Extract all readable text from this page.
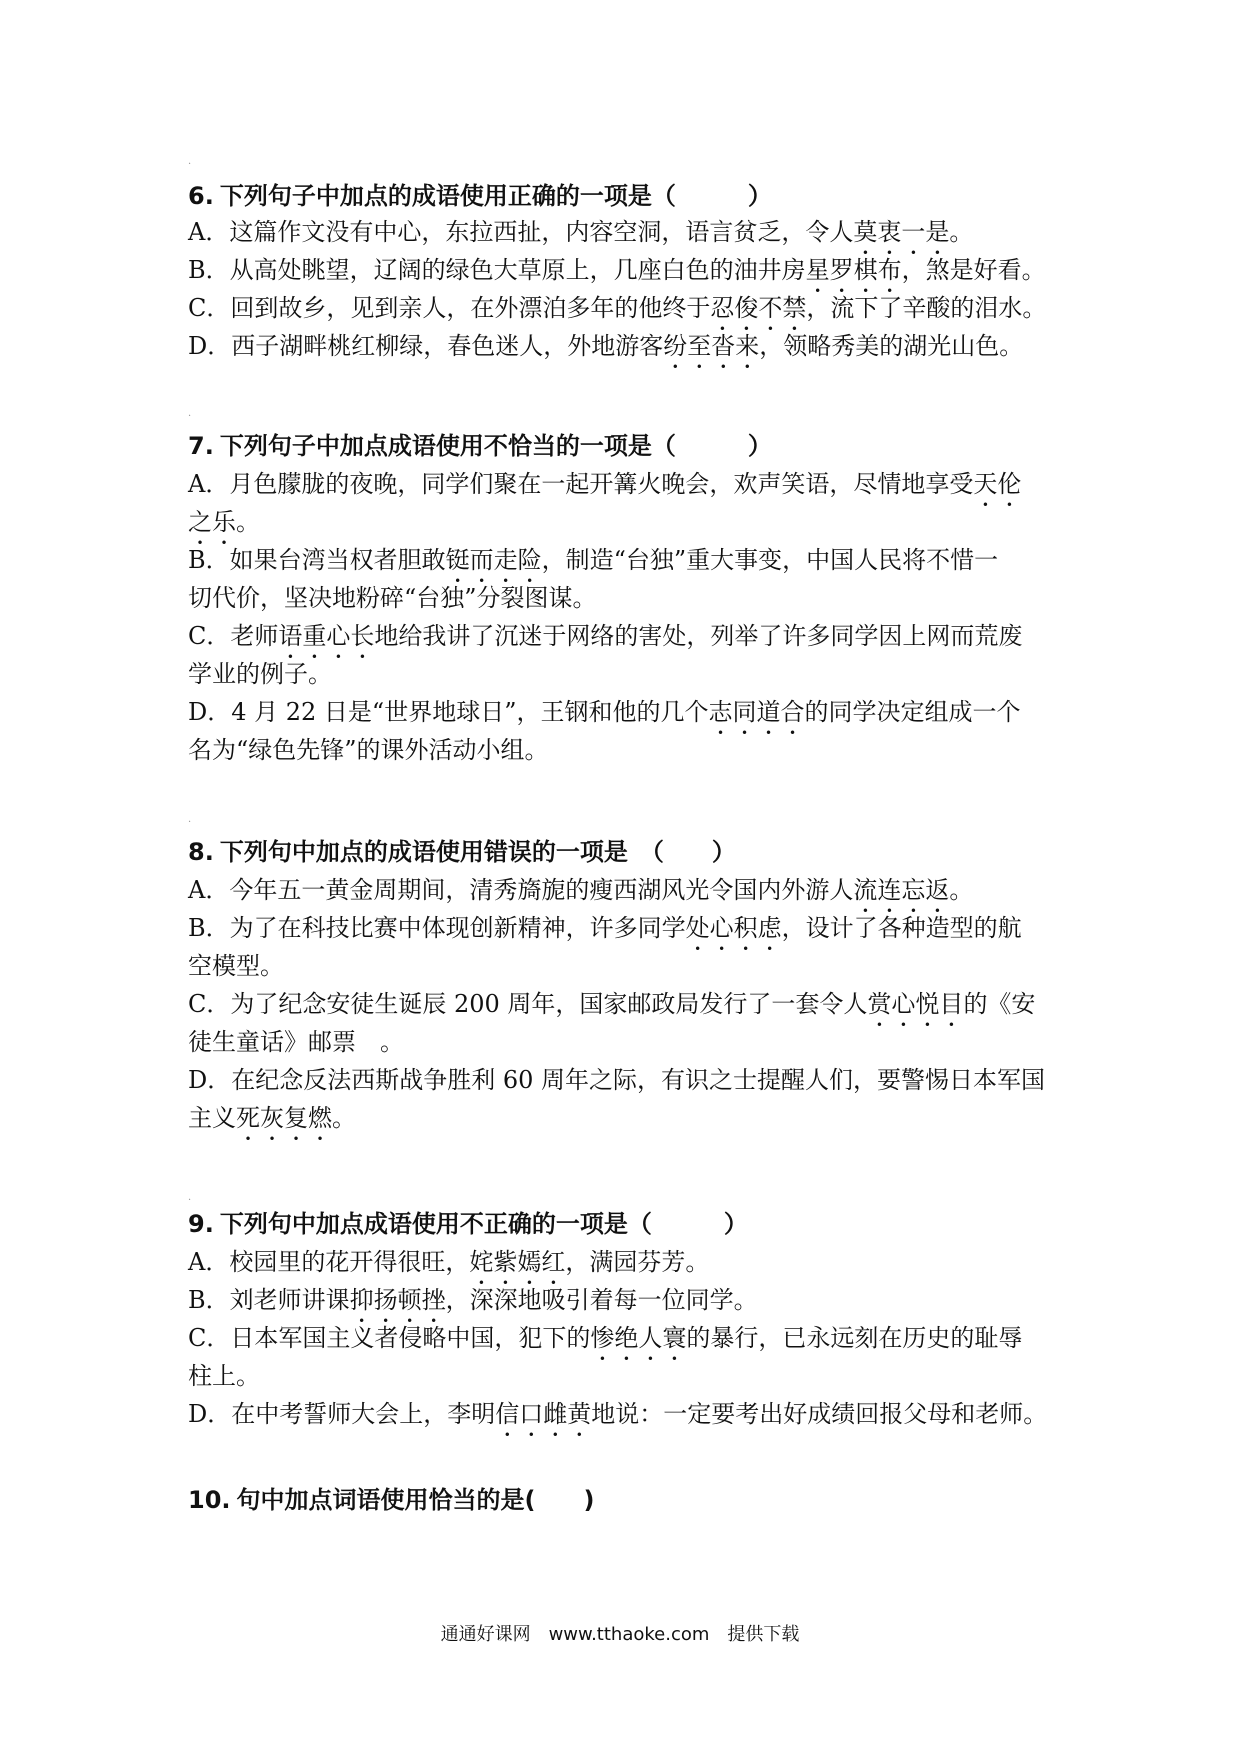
·
6. 下列句子中加点的成语使用正确的一项是（　　　）
A．这篇作文没有中心，东拉西扯，内容空洞，语言贫乏，令人莫衷一是。
B．从高处眺望，辽阔的绿色大草原上，几座白色的油井房星罗棋布，煞是好看。
C．回到故乡，见到亲人，在外漂泊多年的他终于忍俊不禁，流下了辛酸的泪水。
D．西子湖畔桃红柳绿，春色迷人，外地游客纷至沓来，领略秀美的湖光山色。
·
7. 下列句子中加点成语使用不恰当的一项是（　　　）
A．月色朦胧的夜晚，同学们聚在一起开篝火晚会，欢声笑语，尽情地享受天伦
之乐。
B．如果台湾当权者胆敢铤而走险，制造“台独”重大事变，中国人民将不惜一
切代价，坚决地粉碎“台独”分裂图谋。
C．老师语重心长地给我讲了沉迷于网络的害处，列举了许多同学因上网而荒废
学业的例子。
D．4 月 22 日是“世界地球日”，王钢和他的几个志同道合的同学决定组成一个
名为“绿色先锋”的课外活动小组。
·
8. 下列句中加点的成语使用错误的一项是　（　　）
A．今年五一黄金周期间，清秀旖旎的瘦西湖风光令国内外游人流连忘返。
B．为了在科技比赛中体现创新精神，许多同学处心积虑，设计了各种造型的航
空模型。
C．为了纪念安徒生诞辰 200 周年，国家邮政局发行了一套令人赏心悦目的《安
徒生童话》邮票　。
D．在纪念反法西斯战争胜利 60 周年之际，有识之士提醒人们，要警惕日本军国
主义死灰复燃。
·
9. 下列句中加点成语使用不正确的一项是（　　　）
A．校园里的花开得很旺，姹紫嫣红，满园芬芳。
B．刘老师讲课抑扬顿挫，深深地吸引着每一位同学。
C．日本军国主义者侵略中国，犯下的惨绝人寰的暴行，已永远刻在历史的耻辱
柱上。
D．在中考誓师大会上，李明信口雌黄地说：一定要考出好成绩回报父母和老师。
10. 句中加点词语使用恰当的是(　　)
通通好课网　www.tthaoke.com　提供下载
